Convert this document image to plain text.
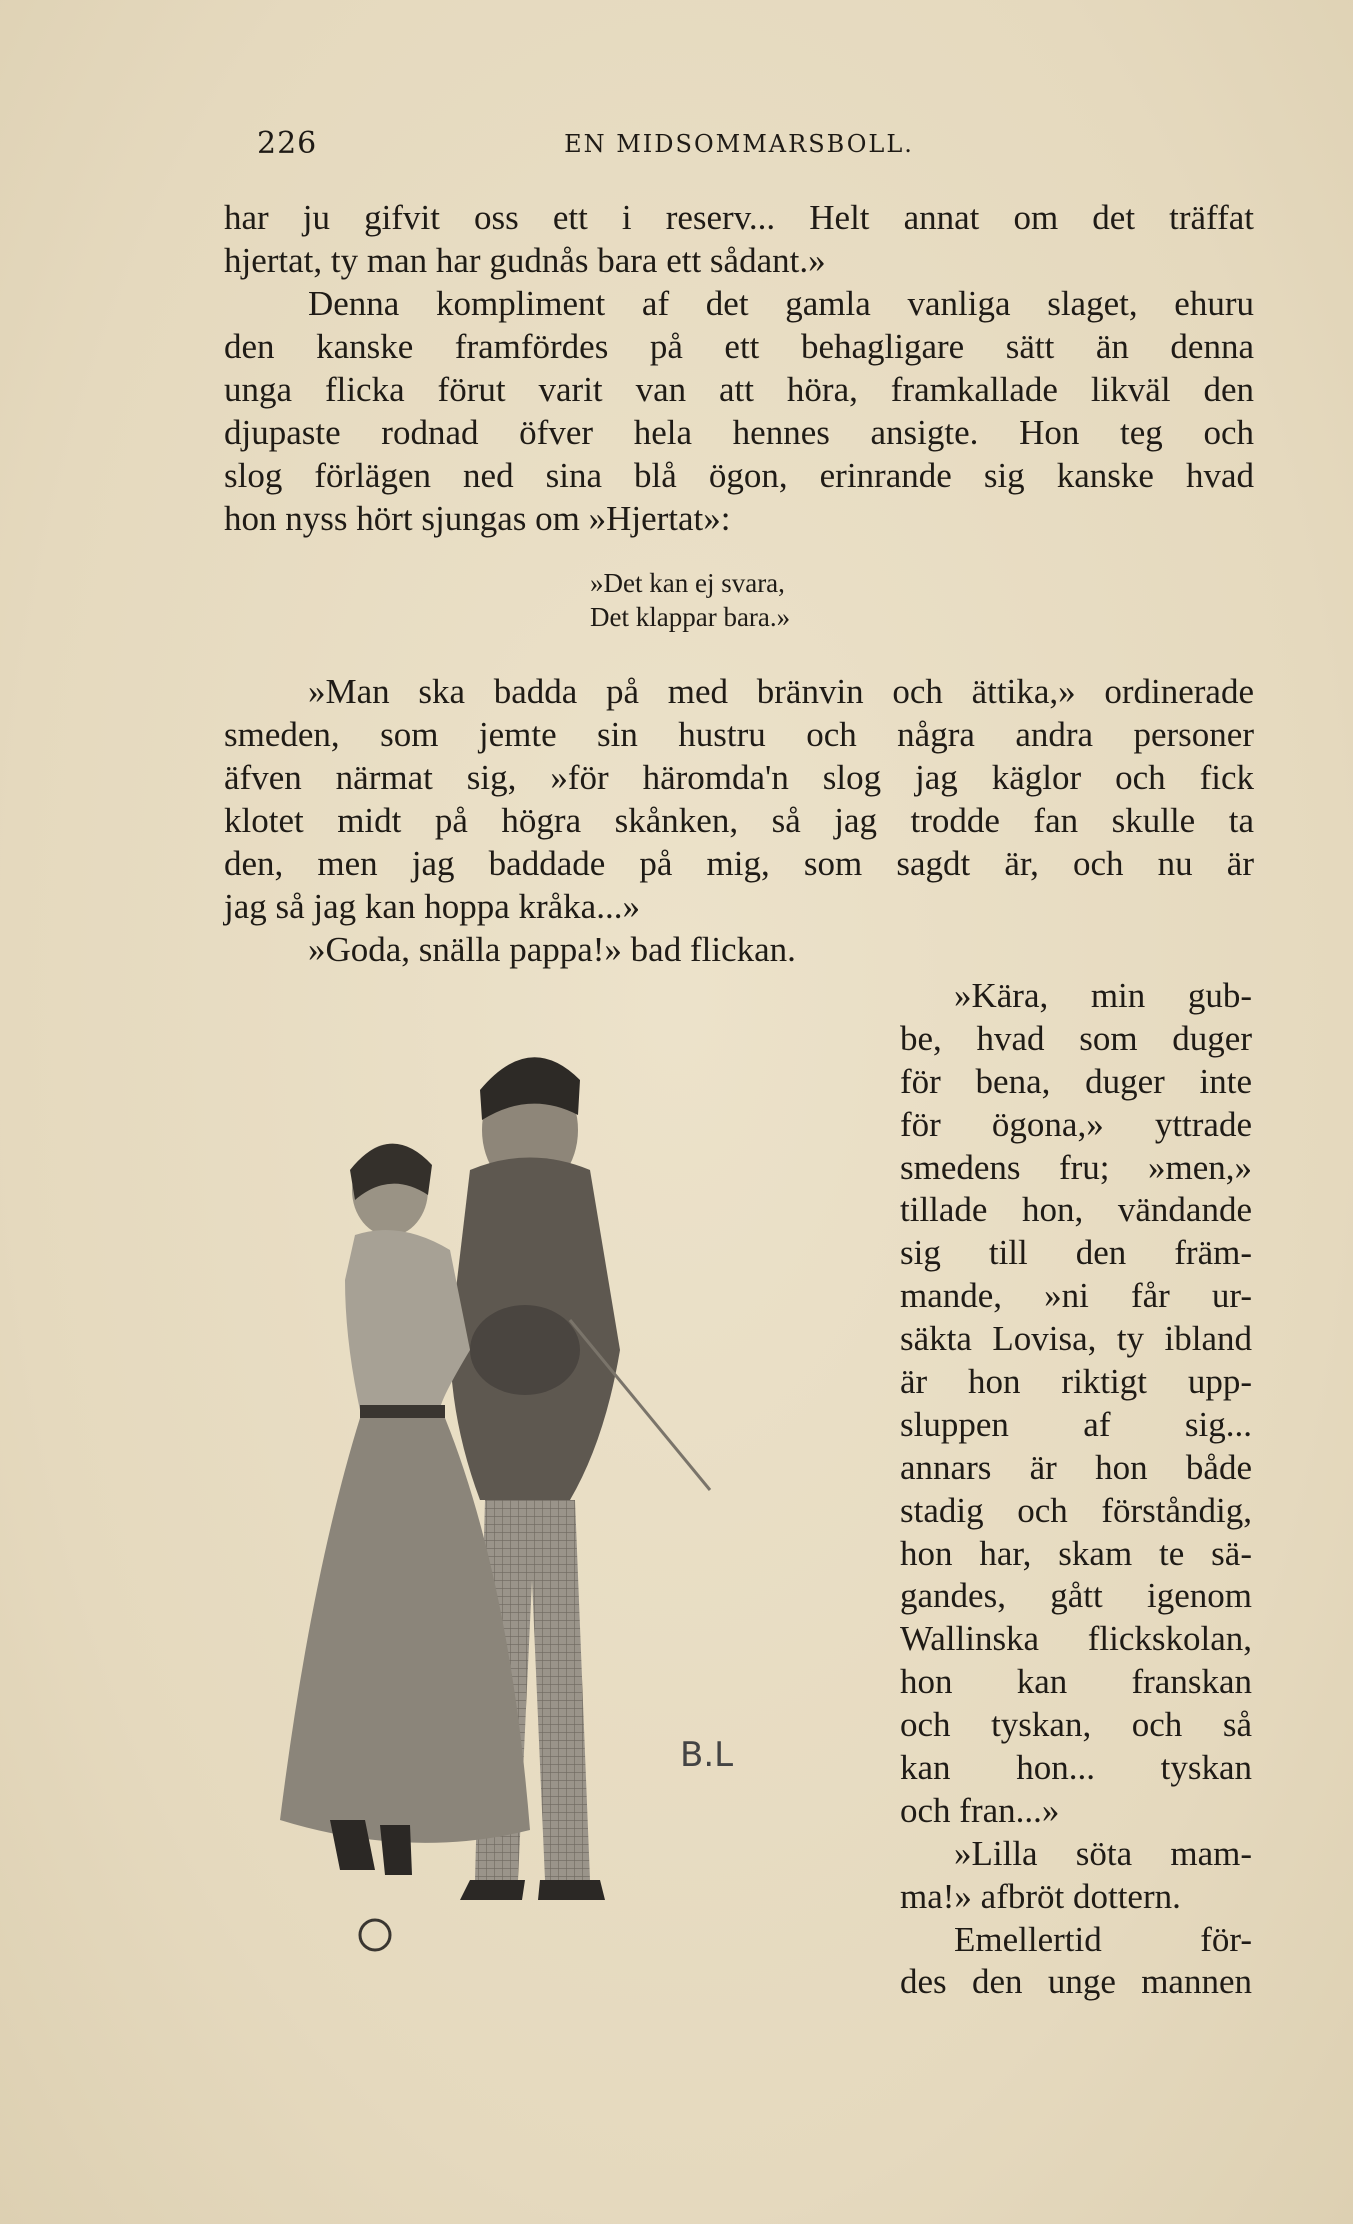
226	EN MIDSOMMARSBOLL.
har ju gifvit oss ett i reserv... Helt annat om det träffat
hjertat, ty man har gudnås bara ett sådant.»
Denna kompliment af det gamla vanliga slaget, ehuru
den kanske framfördes på ett behagligare sätt än denna
unga flicka förut varit van att höra, framkallade likväl den
djupaste rodnad öfver hela hennes ansigte. Hon teg och
slog förlägen ned sina blå ögon, erinrande sig kanske hvad
hon nyss hört sjungas om »Hjertat»:
»Det kan ej svara,
Det klappar bara.»
»Man ska badda på med bränvin och ättika,» ordinerade
smeden, som jemte sin hustru och några andra personer
äfven närmat sig, »för häromda'n slog jag käglor och fick
klotet midt på högra skånken, så jag trodde fan skulle ta
den, men jag baddade på mig, som sagdt är, och nu är
jag så jag kan hoppa kråka...»
»Goda, snälla pappa!» bad flickan.
»Kära, min gub-
be, hvad som duger
för bena, duger inte
för ögona,» yttrade
smedens fru; »men,»
tillade hon, vändande
sig till den främ-
mande, »ni får ur-
säkta Lovisa, ty ibland
är hon riktigt upp-
sluppen af sig...
annars är hon både
stadig och förståndig,
hon har, skam te sä-
gandes, gått igenom
Wallinska flickskolan,
hon kan franskan
och tyskan, och så
kan hon... tyskan
och fran...»
»Lilla söta mam-
ma!» afbröt dottern.
Emellertid för-
des den unge mannen
B.L
